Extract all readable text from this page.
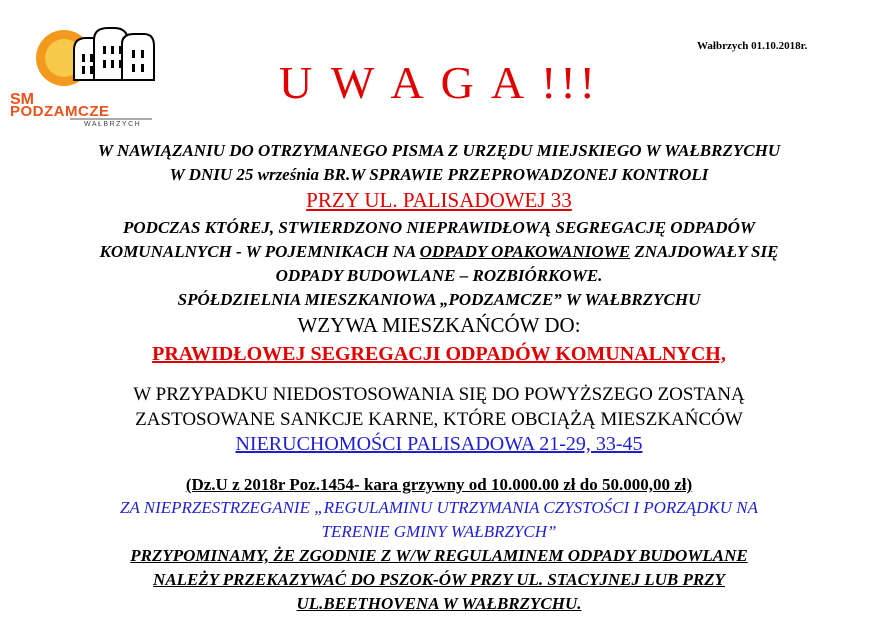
SM
PODZAMCZE
WAŁBRZYCH
Wałbrzych 01.10.2018r.
U W A G A !!!
W NAWIĄZANIU DO OTRZYMANEGO PISMA Z URZĘDU MIEJSKIEGO W WAŁBRZYCHU
W DNIU 25 września BR.W SPRAWIE PRZEPROWADZONEJ KONTROLI
PRZY UL. PALISADOWEJ 33
PODCZAS KTÓREJ, STWIERDZONO NIEPRAWIDŁOWĄ SEGREGACJĘ ODPADÓW
KOMUNALNYCH - W POJEMNIKACH NA ODPADY OPAKOWANIOWE ZNAJDOWAŁY SIĘ
ODPADY BUDOWLANE – ROZBIÓRKOWE.
SPÓŁDZIELNIA MIESZKANIOWA „PODZAMCZE” W WAŁBRZYCHU
WZYWA MIESZKAŃCÓW DO:
PRAWIDŁOWEJ SEGREGACJI ODPADÓW KOMUNALNYCH,
W PRZYPADKU NIEDOSTOSOWANIA SIĘ DO POWYŻSZEGO ZOSTANĄ
ZASTOSOWANE SANKCJE KARNE, KTÓRE OBCIĄŻĄ MIESZKAŃCÓW
NIERUCHOMOŚCI PALISADOWA 21-29, 33-45
(Dz.U z 2018r Poz.1454- kara grzywny od 10.000.00 zł do 50.000,00 zł)
ZA NIEPRZESTRZEGANIE „REGULAMINU UTRZYMANIA CZYSTOŚCI I PORZĄDKU NA
TERENIE GMINY WAŁBRZYCH”
PRZYPOMINAMY, ŻE ZGODNIE Z W/W REGULAMINEM ODPADY BUDOWLANE
NALEŻY PRZEKAZYWAĆ DO PSZOK-ÓW PRZY UL. STACYJNEJ LUB PRZY
UL.BEETHOVENA W WAŁBRZYCHU.
